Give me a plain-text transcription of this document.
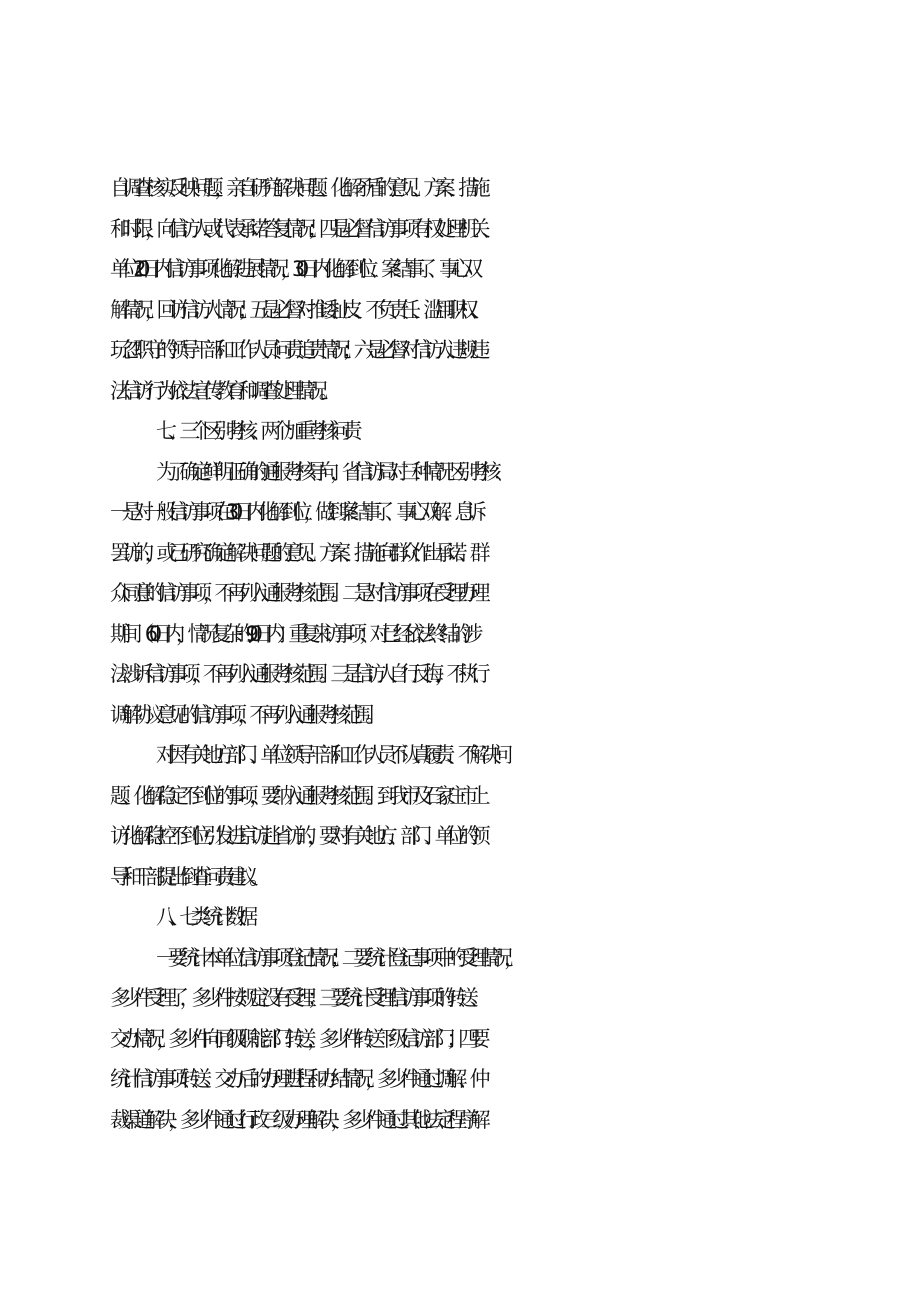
自调查核实反映问题，亲自研究解决问题、化解矛盾的意见、方案、措施
和时限，向信访人或代表承诺答复情况；四是必督信访事项有权处理机关、
单位20日内信访事项化解进展情况，30日内化解到位、案结事了、事心双
解情况，回访信访人情况；五是必督对推诿扯皮、不负责任、滥用职权、
玩忽职守的领导干部和工作人员问责追责情况；六是必督对信访人违规违
法信访行为依法宣传教育和调查处理情况。
七、三个区别考核、两个加重考核问责
为了确定鲜明正确的通报考核导向，省信访局对三种情况区别考核：
一是对一般信访事项在30日内化解到位，做到案结事了、事心双解、息诉
罢访的，或已研究确定解决问题的意见、方案、措施向群众作出承诺、群
众同意的信访事项，不再列入通报考核范围。二是对信访事项在受理办理
期间（60日内，情况复杂的90日内）重复来访事项；对已经依法终结的涉
法涉诉信访事项，不再列入通报考核范围。三是信访人自行反悔，不执行
调解协议意见的信访事项，不再列入通报考核范围。
对因有关地方部门、单位领导干部和工作人员不认真履责、不解决问
题、化解稳定不到位的事项，要纳入通报考核范围。到我市及石家庄市上
访化解稳控不到位引发进京访赴省访的，要对有关地方、部门、单位的领
导和干部提出倒查问责建议。
八、七类统计数据
一要统计本单位信访事项登记情况；二要统计登记事项中的受理情况，
多少件受理了，多少件按规定没有受理；三要统计受理信访事项的转送、
交办情况，多少件向同级职能部门转送，多少件转送下级信访部门；四要
统计信访事项转送、交办后的办理进程和办结情况，多少件通过调解、仲
裁渠道解决，多少件通过行政三级办理解决，多少件通过其他法定程序解
